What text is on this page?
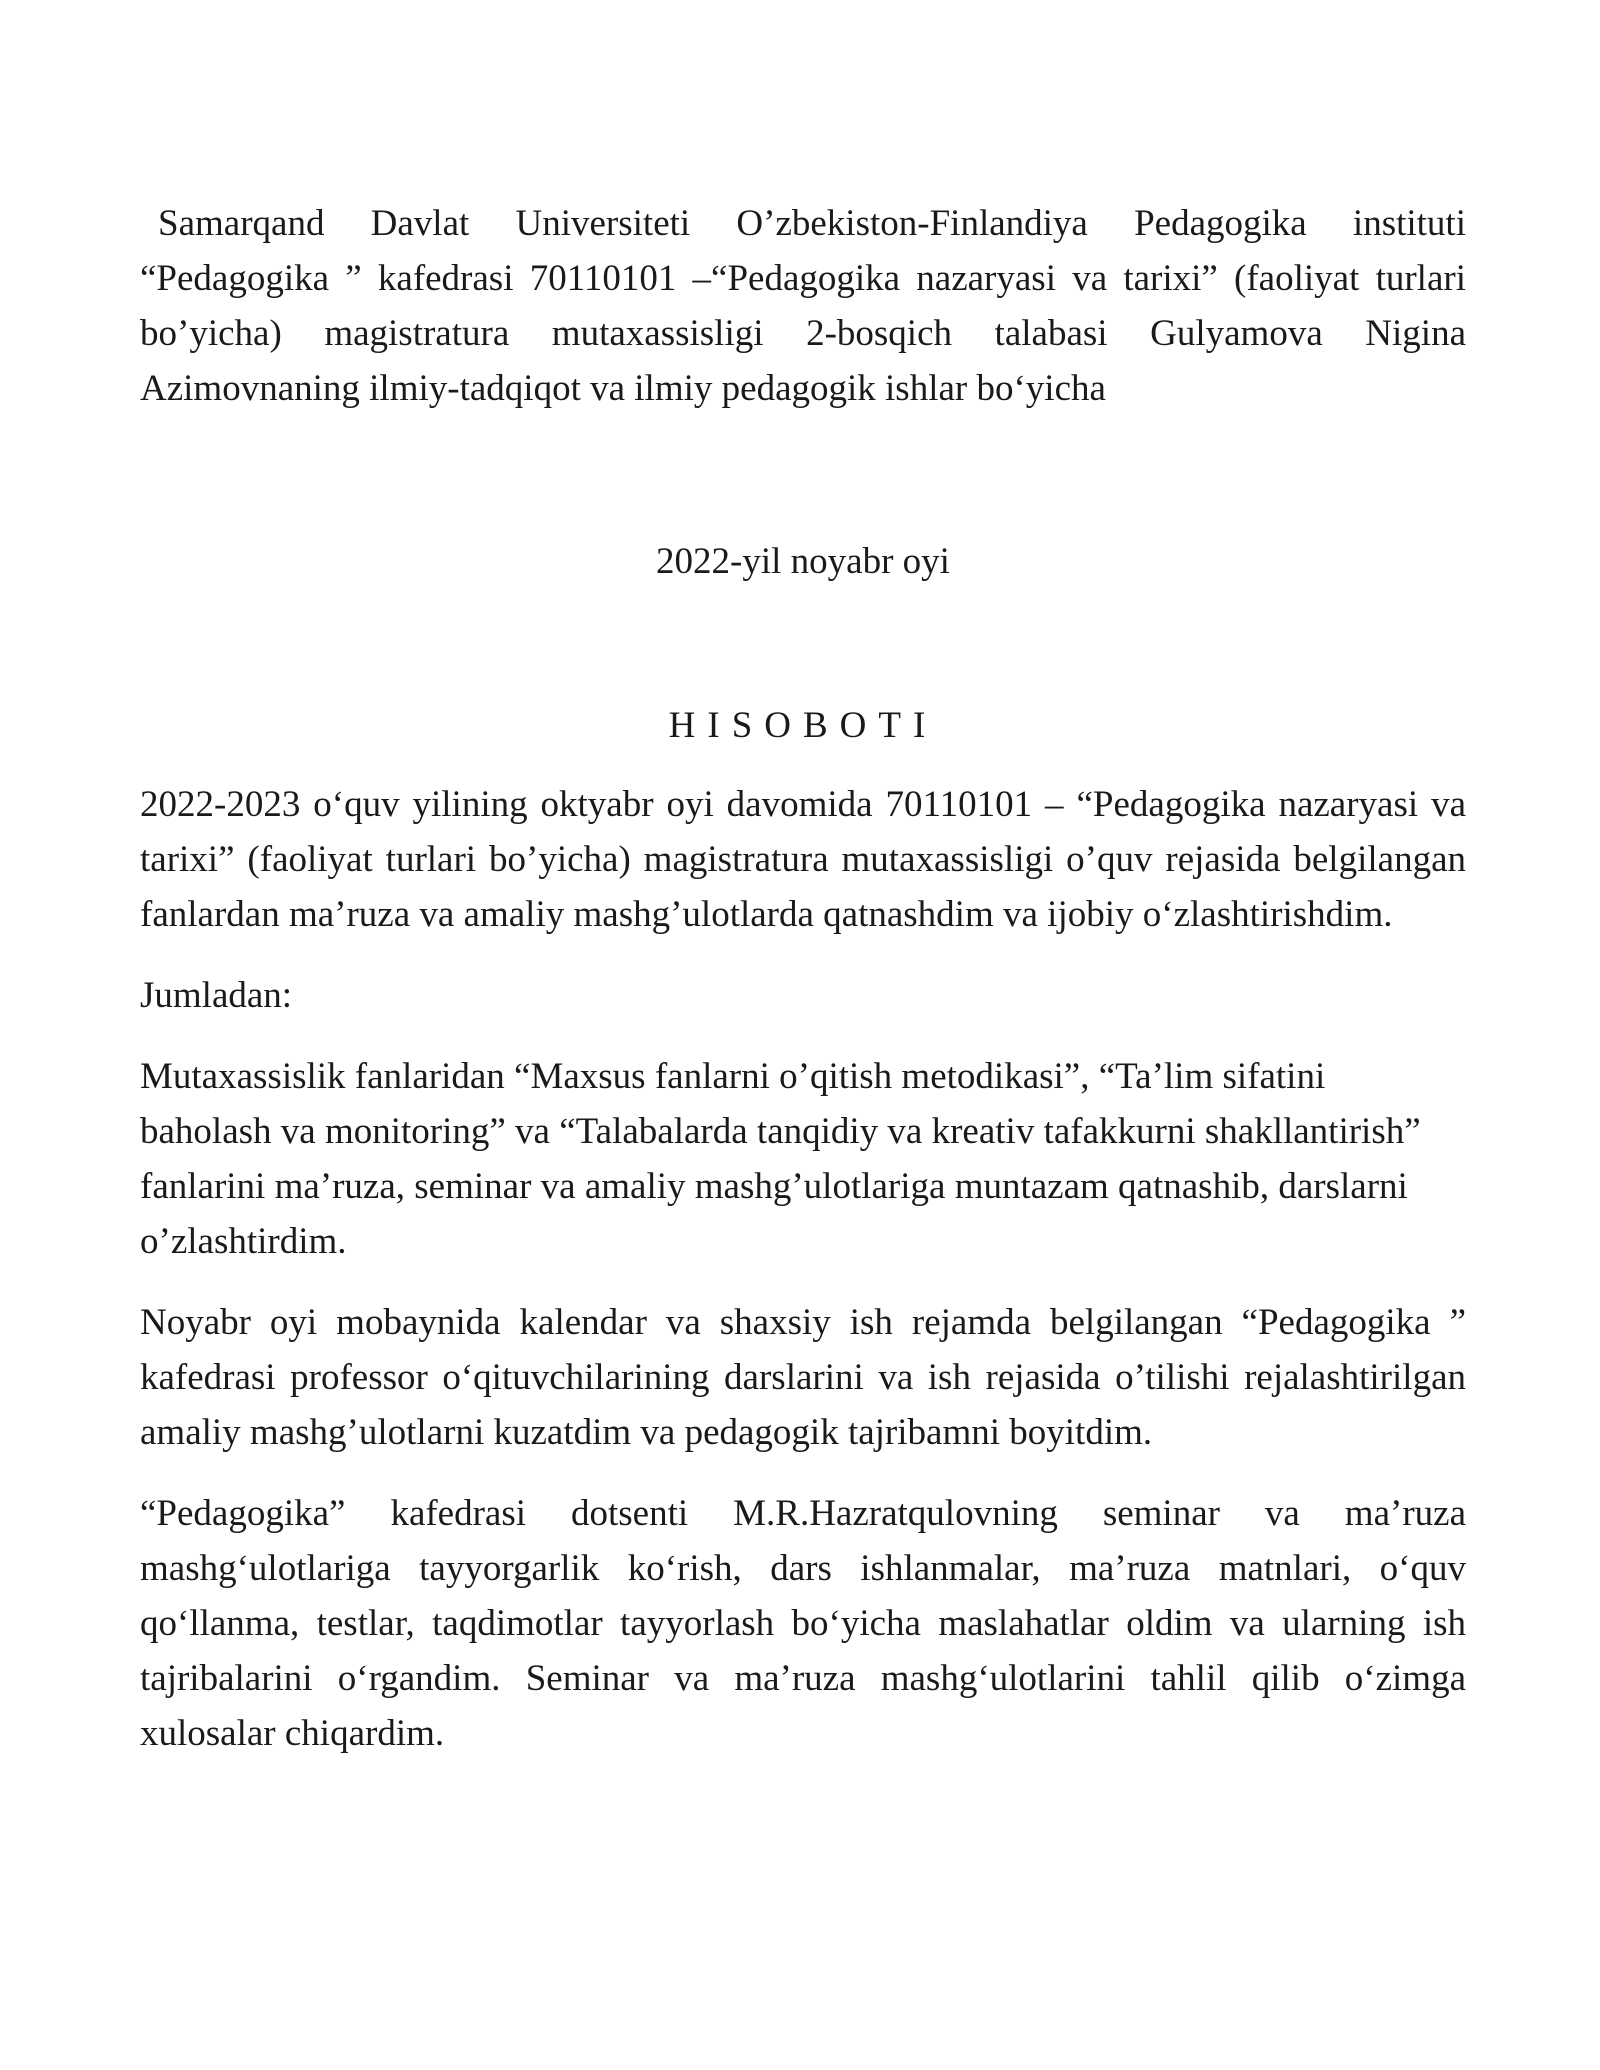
Samarqand Davlat Universiteti O’zbekiston-Finlandiya Pedagogika instituti “Pedagogika ” kafedrasi 70110101 –“Pedagogika nazaryasi va tarixi” (faoliyat turlari bo’yicha) magistratura mutaxassisligi 2-bosqich talabasi Gulyamova Nigina Azimovnaning ilmiy-tadqiqot va ilmiy pedagogik ishlar boʻyicha

2022-yil noyabr oyi

HISOBOTI

2022-2023 oʻquv yilining oktyabr oyi davomida 70110101 – “Pedagogika nazaryasi va tarixi” (faoliyat turlari bo’yicha) magistratura mutaxassisligi o’quv rejasida belgilangan fanlardan ma’ruza va amaliy mashg’ulotlarda qatnashdim va ijobiy oʻzlashtirishdim.

Jumladan:

Mutaxassislik fanlaridan “Maxsus fanlarni o’qitish metodikasi”, “Ta’lim sifatini baholash va monitoring” va “Talabalarda tanqidiy va kreativ tafakkurni shakllantirish” fanlarini ma’ruza, seminar va amaliy mashg’ulotlariga muntazam qatnashib, darslarni o’zlashtirdim.

Noyabr oyi mobaynida kalendar va shaxsiy ish rejamda belgilangan “Pedagogika ” kafedrasi professor oʻqituvchilarining darslarini va ish rejasida o’tilishi rejalashtirilgan amaliy mashg’ulotlarni kuzatdim va pedagogik tajribamni boyitdim.

“Pedagogika” kafedrasi dotsenti M.R.Hazratqulovning seminar va ma’ruza mashgʻulotlariga tayyorgarlik koʻrish, dars ishlanmalar, ma’ruza matnlari, oʻquv qoʻllanma, testlar, taqdimotlar tayyorlash boʻyicha maslahatlar oldim va ularning ish tajribalarini oʻrgandim. Seminar va ma’ruza mashgʻulotlarini tahlil qilib oʻzimga xulosalar chiqardim.
